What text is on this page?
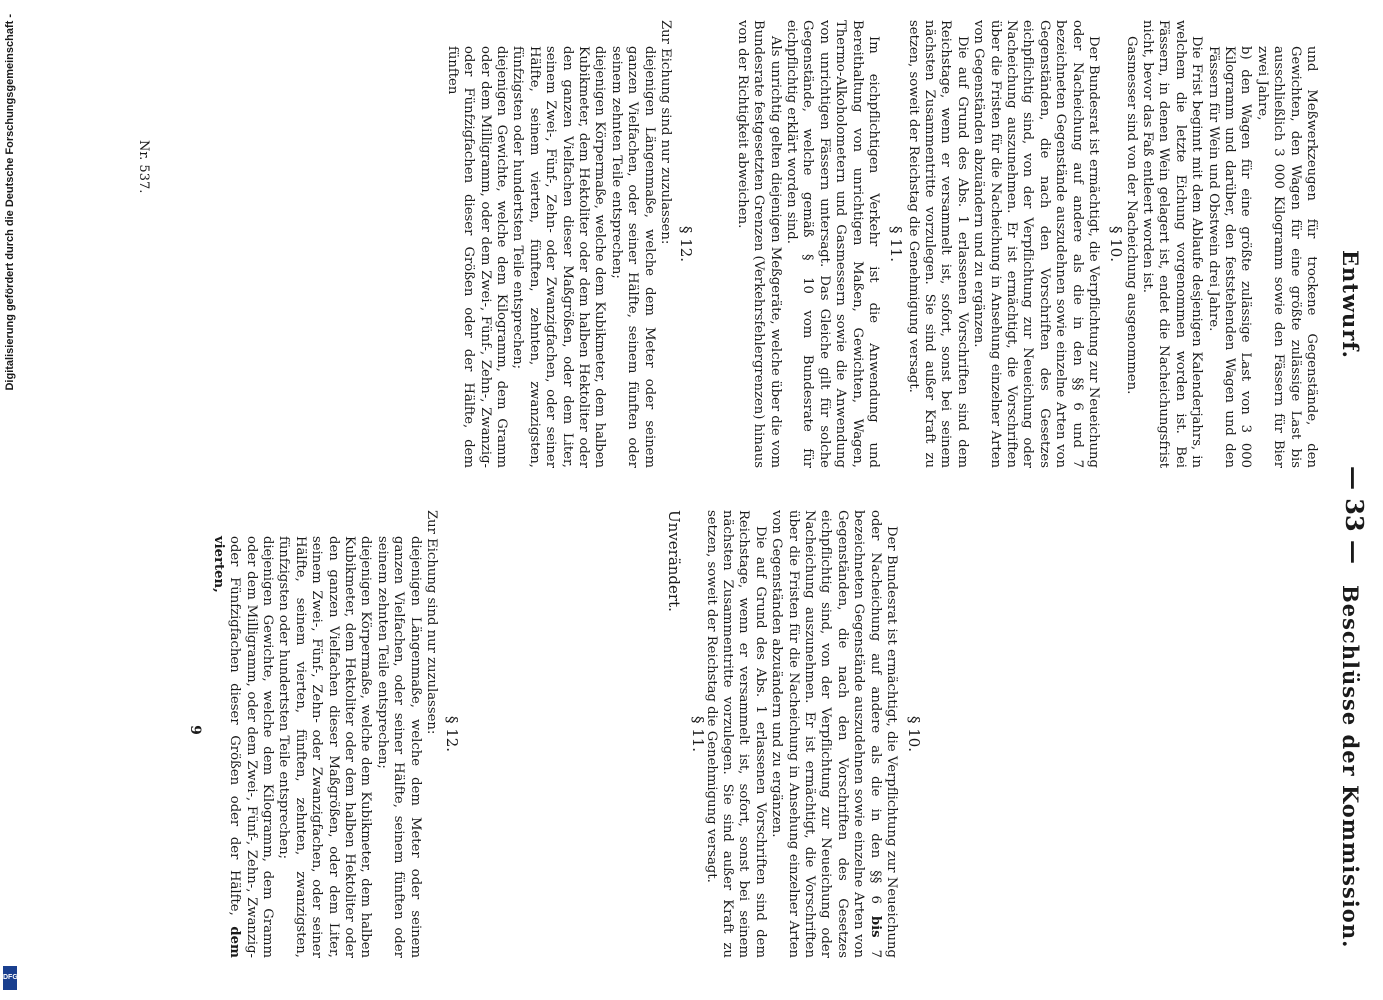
Entwurf.
— 33 —
Beschlüsse der Kommission.

und Meßwerkzeugen für trockene Gegenstände, den Gewichten, den Wagen für eine größte zulässige Last bis ausschließlich 3 000 Kilogramm sowie den Fässern für Bier zwei Jahre,

b) den Wagen für eine größte zulässige Last von 3 000 Kilogramm und darüber, den feststehenden Wagen und den Fässern für Wein und Obstwein drei Jahre.

Die Frist beginnt mit dem Ablaufe desjenigen Kalenderjahrs, in welchem die letzte Eichung vorgenommen worden ist. Bei Fässern, in denen Wein gelagert ist, endet die Nacheichungsfrist nicht, bevor das Faß entleert worden ist.

Gasmesser sind von der Nacheichung ausgenommen.

§ 10.

Der Bundesrat ist ermächtigt, die Verpflichtung zur Neueichung oder Nacheichung auf andere als die in den §§ 6 und 7 bezeichneten Gegenstände auszudehnen sowie einzelne Arten von Gegenständen, die nach den Vorschriften des Gesetzes eichpflichtig sind, von der Verpflichtung zur Neueichung oder Nacheichung auszunehmen. Er ist ermächtigt, die Vorschriften über die Fristen für die Nacheichung in Ansehung einzelner Arten von Gegenständen abzuändern und zu ergänzen.

Die auf Grund des Abs. 1 erlassenen Vorschriften sind dem Reichstage, wenn er versammelt ist, sofort, sonst bei seinem nächsten Zusammentritte vorzulegen. Sie sind außer Kraft zu setzen, soweit der Reichstag die Genehmigung versagt.

§ 11.

Im eichpflichtigen Verkehr ist die Anwendung und Bereithaltung von unrichtigen Maßen, Gewichten, Wagen, Thermo-Alkoholometern und Gasmessern sowie die Anwendung von unrichtigen Fässern untersagt. Das Gleiche gilt für solche Gegenstände, welche gemäß § 10 vom Bundesrate für eichpflichtig erklärt worden sind.

Als unrichtig gelten diejenigen Meßgeräte, welche über die vom Bundesrate festgesetzten Grenzen (Verkehrsfehlergrenzen) hinaus von der Richtigkeit abweichen.

§ 12.

Zur Eichung sind nur zuzulassen:

diejenigen Längenmaße, welche dem Meter oder seinem ganzen Vielfachen, oder seiner Hälfte, seinem fünften oder seinem zehnten Teile entsprechen;

diejenigen Körpermaße, welche dem Kubikmeter, dem halben Kubikmeter, dem Hektoliter oder dem halben Hektoliter oder den ganzen Vielfachen dieser Maßgrößen, oder dem Liter, seinem Zwei-, Fünf-, Zehn- oder Zwanzigfachen, oder seiner Hälfte, seinem vierten, fünften, zehnten, zwanzigsten, fünfzigsten oder hundertsten Teile entsprechen;

diejenigen Gewichte, welche dem Kilogramm, dem Gramm oder dem Milligramm, oder dem Zwei-, Fünf-, Zehn-, Zwanzig- oder Fünfzigfachen dieser Größen oder der Hälfte, dem fünften

Nr. 537.
§ 10.

Der Bundesrat ist ermächtigt, die Verpflichtung zur Neueichung oder Nacheichung auf andere als die in den §§ 6 bis 7 bezeichneten Gegenstände auszudehnen sowie einzelne Arten von Gegenständen, die nach den Vorschriften des Gesetzes eichpflichtig sind, von der Verpflichtung zur Neueichung oder Nacheichung auszunehmen. Er ist ermächtigt, die Vorschriften über die Fristen für die Nacheichung in Ansehung einzelner Arten von Gegenständen abzuändern und zu ergänzen.

Die auf Grund des Abs. 1 erlassenen Vorschriften sind dem Reichstage, wenn er versammelt ist, sofort, sonst bei seinem nächsten Zusammentritte vorzulegen. Sie sind außer Kraft zu setzen, soweit der Reichstag die Genehmigung versagt.

§ 11.
Unverändert.
§ 12.

Zur Eichung sind nur zuzulassen:

diejenigen Längenmaße, welche dem Meter oder seinem ganzen Vielfachen, oder seiner Hälfte, seinem fünften oder seinem zehnten Teile entsprechen;

diejenigen Körpermaße, welche dem Kubikmeter, dem halben Kubikmeter, dem Hektoliter oder dem halben Hektoliter oder den ganzen Vielfachen dieser Maßgrößen, oder dem Liter, seinem Zwei-, Fünf-, Zehn- oder Zwanzigfachen, oder seiner Hälfte, seinem vierten, fünften, zehnten, zwanzigsten, fünfzigsten oder hundertsten Teile entsprechen;

diejenigen Gewichte, welche dem Kilogramm, dem Gramm oder dem Milligramm, oder dem Zwei-, Fünf-, Zehn-, Zwanzig- oder Fünfzigfachen dieser Größen oder der Hälfte, dem vierten,

9
Digitalisierung gefördert durch die Deutsche Forschungsgemeinschaft -
DFG
